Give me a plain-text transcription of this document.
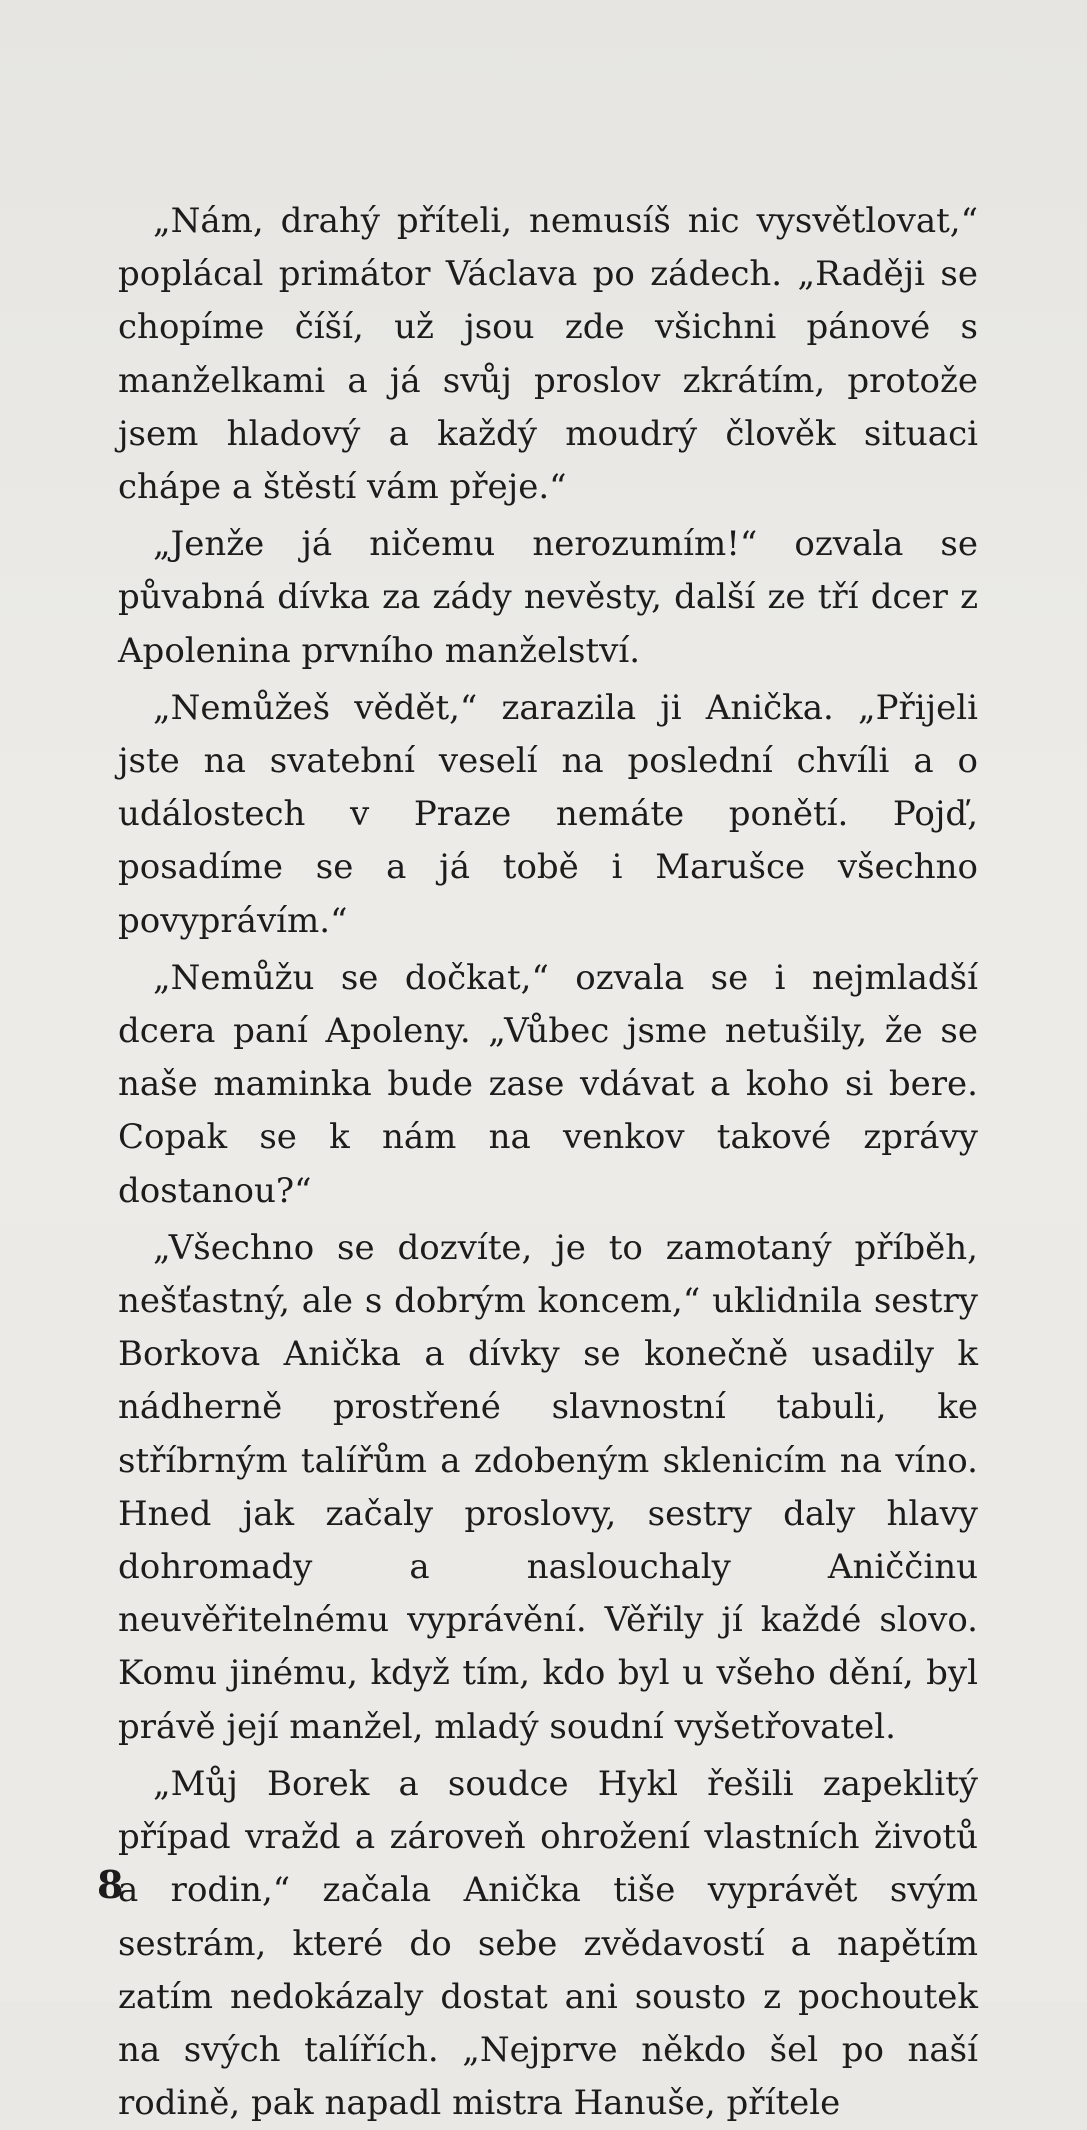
„Nám, drahý příteli, nemusíš nic vysvětlovat,“ poplácal primátor Václava po zádech. „Raději se chopíme číší, už jsou zde všichni pánové s manželkami a já svůj proslov zkrátím, protože jsem hladový a každý moudrý člověk situaci chápe a štěstí vám přeje.“

„Jenže já ničemu nerozumím!“ ozvala se půvabná dívka za zády nevěsty, další ze tří dcer z Apolenina prvního manželství.

„Nemůžeš vědět,“ zarazila ji Anička. „Přijeli jste na svatební veselí na poslední chvíli a o událostech v Praze nemáte ponětí. Pojď, posadíme se a já tobě i Marušce všechno povyprávím.“

„Nemůžu se dočkat,“ ozvala se i nejmladší dcera paní Apoleny. „Vůbec jsme netušily, že se naše maminka bude zase vdávat a koho si bere. Copak se k nám na venkov takové zprávy dostanou?“

„Všechno se dozvíte, je to zamotaný příběh, nešťastný, ale s dobrým koncem,“ uklidnila sestry Borkova Anička a dívky se konečně usadily k nádherně prostřené slavnostní tabuli, ke stříbrným talířům a zdobeným sklenicím na víno. Hned jak začaly proslovy, sestry daly hlavy dohromady a naslouchaly Aniččinu neuvěřitelnému vyprávění. Věřily jí každé slovo. Komu jinému, když tím, kdo byl u všeho dění, byl právě její manžel, mladý soudní vyšetřovatel.

„Můj Borek a soudce Hykl řešili zapeklitý případ vražd a zároveň ohrožení vlastních životů a rodin,“ začala Anička tiše vyprávět svým sestrám, které do sebe zvědavostí a napětím zatím nedokázaly dostat ani sousto z pochoutek na svých talířích. „Nejprve někdo šel po naší rodině, pak napadl mistra Hanuše, přítele

8
